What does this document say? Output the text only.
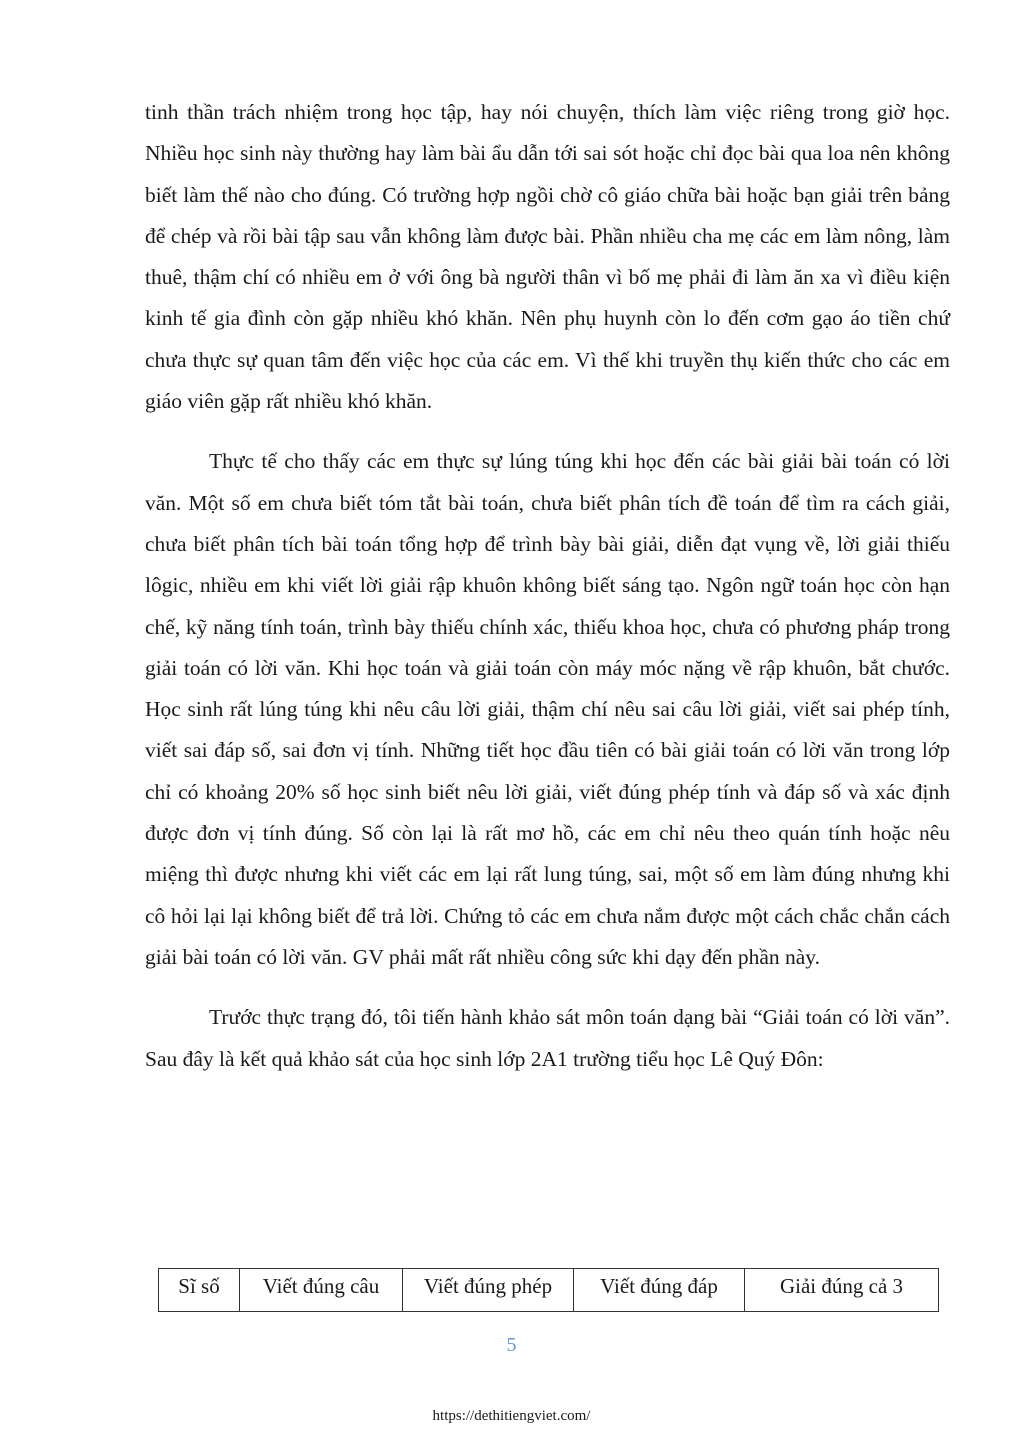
tinh thần trách nhiệm trong học tập, hay nói chuyện, thích làm việc riêng trong giờ học. Nhiều học sinh này thường hay làm bài ẩu dẫn tới sai sót hoặc chỉ đọc bài qua loa nên không biết làm thế nào cho đúng. Có trường hợp ngồi chờ cô giáo chữa bài hoặc bạn giải trên bảng để chép và rồi bài tập sau vẫn không làm được bài. Phần nhiều cha mẹ các em làm nông, làm thuê, thậm chí có nhiều em ở với ông bà người thân vì bố mẹ phải đi làm ăn xa vì điều kiện kinh tế gia đình còn gặp nhiều khó khăn. Nên phụ huynh còn lo đến cơm gạo áo tiền chứ chưa thực sự quan tâm đến việc học của các em. Vì thế khi truyền thụ kiến thức cho các em giáo viên gặp rất nhiều khó khăn.

Thực tế cho thấy các em thực sự lúng túng khi học đến các bài giải bài toán có lời văn. Một số em chưa biết tóm tắt bài toán, chưa biết phân tích đề toán để tìm ra cách giải, chưa biết phân tích bài toán tổng hợp để trình bày bài giải, diễn đạt vụng về, lời giải thiếu lôgic, nhiều em khi viết lời giải rập khuôn không biết sáng tạo. Ngôn ngữ toán học còn hạn chế, kỹ năng tính toán, trình bày thiếu chính xác, thiếu khoa học, chưa có phương pháp trong giải toán có lời văn. Khi học toán và giải toán còn máy móc nặng về rập khuôn, bắt chước. Học sinh rất lúng túng khi nêu câu lời giải, thậm chí nêu sai câu lời giải, viết sai phép tính, viết sai đáp số, sai đơn vị tính. Những tiết học đầu tiên có bài giải toán có lời văn trong lớp chỉ có khoảng 20% số học sinh biết nêu lời giải, viết đúng phép tính và đáp số và xác định được đơn vị tính đúng. Số còn lại là rất mơ hồ, các em chỉ nêu theo quán tính hoặc nêu miệng thì được nhưng khi viết các em lại rất lung túng, sai, một số em làm đúng nhưng khi cô hỏi lại lại không biết để trả lời. Chứng tỏ các em chưa nắm được một cách chắc chắn cách giải bài toán có lời văn. GV phải mất rất nhiều công sức khi dạy đến phần này.

Trước thực trạng đó, tôi tiến hành khảo sát môn toán dạng bài “Giải toán có lời văn”. Sau đây là kết quả khảo sát của học sinh lớp 2A1 trường tiểu học Lê Quý Đôn:

Sĩ số	Viết đúng câu	Viết đúng phép	Viết đúng đáp	Giải đúng cả 3
5
https://dethitiengviet.com/
